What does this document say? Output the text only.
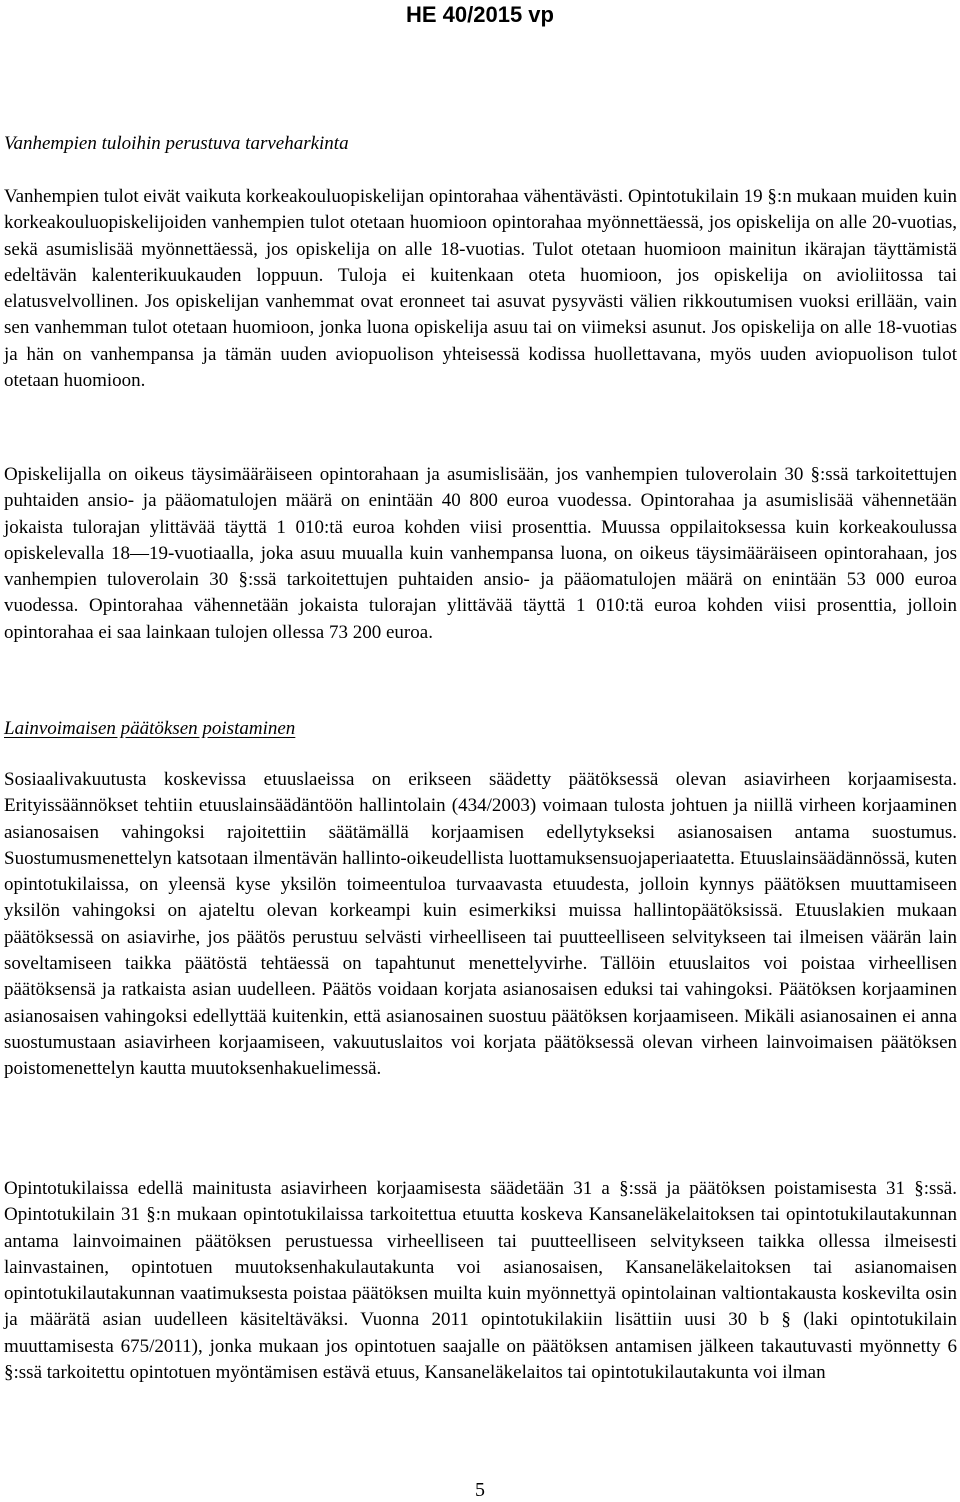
HE 40/2015 vp

Vanhempien tuloihin perustuva tarveharkinta

Vanhempien tulot eivät vaikuta korkeakouluopiskelijan opintorahaa vähentävästi. Opintotukilain 19 §:n mukaan muiden kuin korkeakouluopiskelijoiden vanhempien tulot otetaan huomioon opintorahaa myönnettäessä, jos opiskelija on alle 20-vuotias, sekä asumislisää myönnettäessä, jos opiskelija on alle 18-vuotias. Tulot otetaan huomioon mainitun ikärajan täyttämistä edeltävän kalenterikuukauden loppuun. Tuloja ei kuitenkaan oteta huomioon, jos opiskelija on avioliitossa tai elatusvelvollinen. Jos opiskelijan vanhemmat ovat eronneet tai asuvat pysyvästi välien rikkoutumisen vuoksi erillään, vain sen vanhemman tulot otetaan huomioon, jonka luona opiskelija asuu tai on viimeksi asunut. Jos opiskelija on alle 18-vuotias ja hän on vanhempansa ja tämän uuden aviopuolison yhteisessä kodissa huollettavana, myös uuden aviopuolison tulot otetaan huomioon.

Opiskelijalla on oikeus täysimääräiseen opintorahaan ja asumislisään, jos vanhempien tuloverolain 30 §:ssä tarkoitettujen puhtaiden ansio- ja pääomatulojen määrä on enintään 40 800 euroa vuodessa. Opintorahaa ja asumislisää vähennetään jokaista tulorajan ylittävää täyttä 1 010:tä euroa kohden viisi prosenttia. Muussa oppilaitoksessa kuin korkeakoulussa opiskelevalla 18—19-vuotiaalla, joka asuu muualla kuin vanhempansa luona, on oikeus täysimääräiseen opintorahaan, jos vanhempien tuloverolain 30 §:ssä tarkoitettujen puhtaiden ansio- ja pääomatulojen määrä on enintään 53 000 euroa vuodessa. Opintorahaa vähennetään jokaista tulorajan ylittävää täyttä 1 010:tä euroa kohden viisi prosenttia, jolloin opintorahaa ei saa lainkaan tulojen ollessa 73 200 euroa.

Lainvoimaisen päätöksen poistaminen

Sosiaalivakuutusta koskevissa etuuslaeissa on erikseen säädetty päätöksessä olevan asiavirheen korjaamisesta. Erityissäännökset tehtiin etuuslainsäädäntöön hallintolain (434/2003) voimaan tulosta johtuen ja niillä virheen korjaaminen asianosaisen vahingoksi rajoitettiin säätämällä korjaamisen edellytykseksi asianosaisen antama suostumus. Suostumusmenettelyn katsotaan ilmentävän hallinto-oikeudellista luottamuksensuojaperiaatetta. Etuuslainsäädännössä, kuten opintotukilaissa, on yleensä kyse yksilön toimeentuloa turvaavasta etuudesta, jolloin kynnys päätöksen muuttamiseen yksilön vahingoksi on ajateltu olevan korkeampi kuin esimerkiksi muissa hallintopäätöksissä. Etuuslakien mukaan päätöksessä on asiavirhe, jos päätös perustuu selvästi virheelliseen tai puutteelliseen selvitykseen tai ilmeisen väärän lain soveltamiseen taikka päätöstä tehtäessä on tapahtunut menettelyvirhe. Tällöin etuuslaitos voi poistaa virheellisen päätöksensä ja ratkaista asian uudelleen. Päätös voidaan korjata asianosaisen eduksi tai vahingoksi. Päätöksen korjaaminen asianosaisen vahingoksi edellyttää kuitenkin, että asianosainen suostuu päätöksen korjaamiseen. Mikäli asianosainen ei anna suostumustaan asiavirheen korjaamiseen, vakuutuslaitos voi korjata päätöksessä olevan virheen lainvoimaisen päätöksen poistomenettelyn kautta muutoksenhakuelimessä.

Opintotukilaissa edellä mainitusta asiavirheen korjaamisesta säädetään 31 a §:ssä ja päätöksen poistamisesta 31 §:ssä. Opintotukilain 31 §:n mukaan opintotukilaissa tarkoitettua etuutta koskeva Kansaneläkelaitoksen tai opintotukilautakunnan antama lainvoimainen päätöksen perustuessa virheelliseen tai puutteelliseen selvitykseen taikka ollessa ilmeisesti lainvastainen, opintotuen muutoksenhakulautakunta voi asianosaisen, Kansaneläkelaitoksen tai asianomaisen opintotukilautakunnan vaatimuksesta poistaa päätöksen muilta kuin myönnettyä opintolainan valtiontakausta koskevilta osin ja määrätä asian uudelleen käsiteltäväksi. Vuonna 2011 opintotukilakiin lisättiin uusi 30 b § (laki opintotukilain muuttamisesta 675/2011), jonka mukaan jos opintotuen saajalle on päätöksen antamisen jälkeen takautuvasti myönnetty 6 §:ssä tarkoitettu opintotuen myöntämisen estävä etuus, Kansaneläkelaitos tai opintotukilautakunta voi ilman

5
